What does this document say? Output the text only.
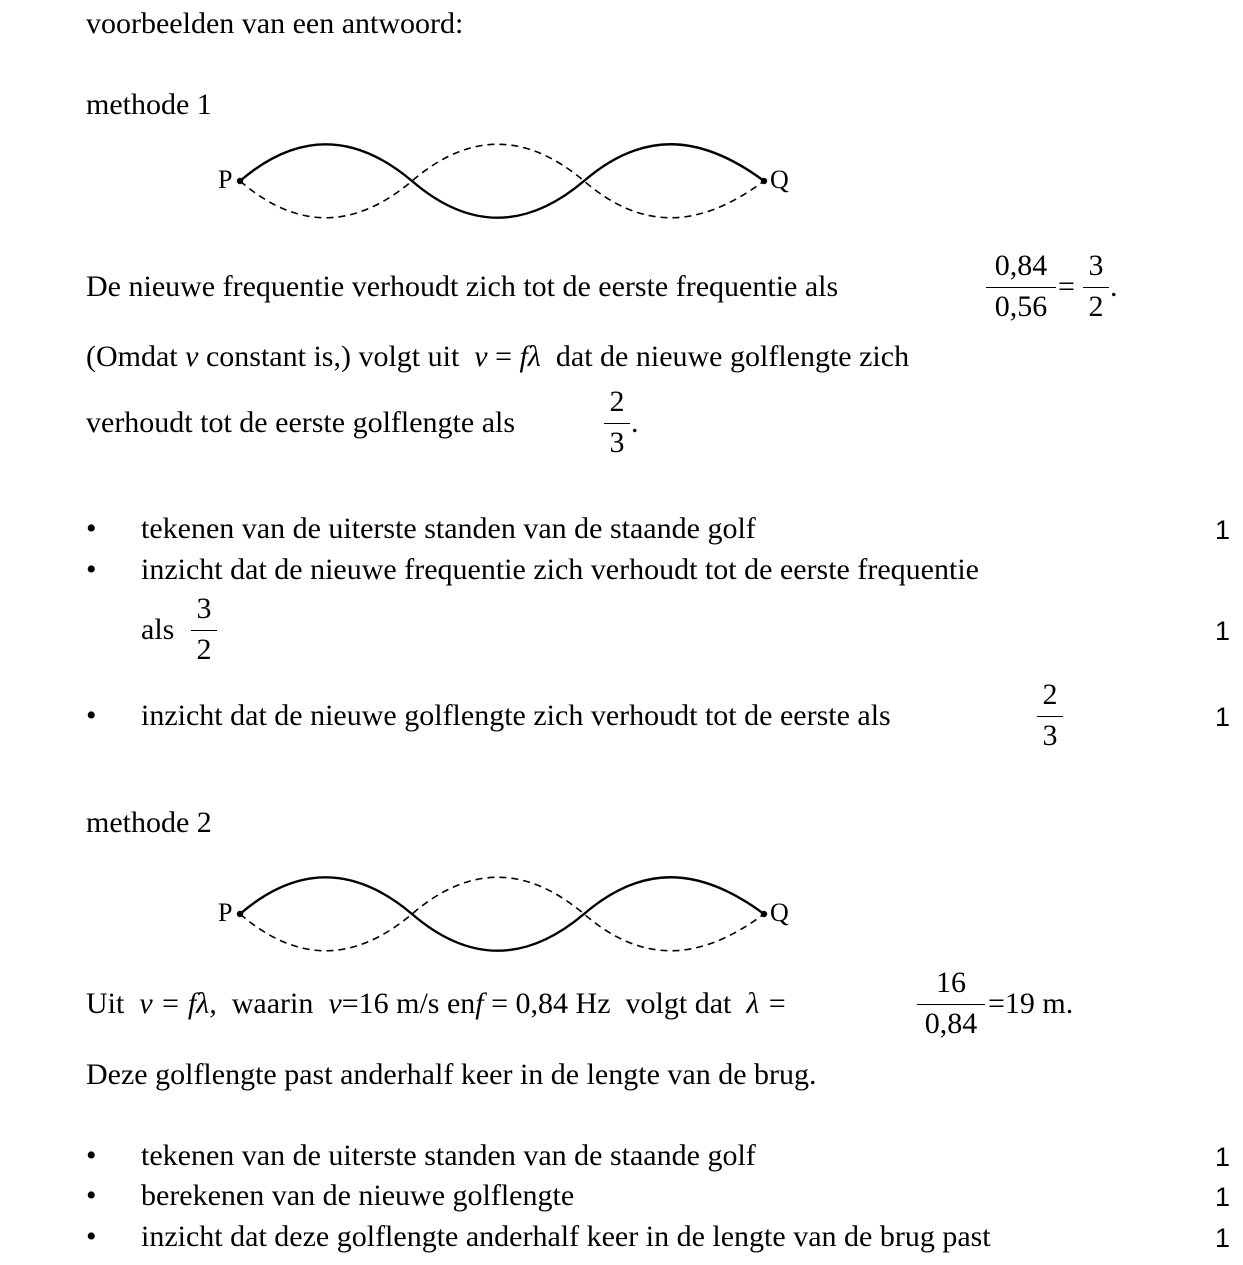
voorbeelden van een antwoord:
methode 1
P	Q
De nieuwe frequentie verhoudt zich tot de eerste frequentie als
0,84
0,56
=
3
2
.
(Omdat v constant is,) volgt uit v = fλ dat de nieuwe golflengte zich
verhoudt tot de eerste golflengte als
2
3
.
• tekenen van de uiterste standen van de staande golf	1
• inzicht dat de nieuwe frequentie zich verhoudt tot de eerste frequentie
als
3
2
1
• inzicht dat de nieuwe golflengte zich verhoudt tot de eerste als
2
3
1
methode 2
P	Q
Uit v = fλ, waarin v=16 m/s enf = 0,84 Hz volgt dat λ =
16
0,84
=19 m.
Deze golflengte past anderhalf keer in de lengte van de brug.
• tekenen van de uiterste standen van de staande golf	1
• berekenen van de nieuwe golflengte	1
• inzicht dat deze golflengte anderhalf keer in de lengte van de brug past	1
